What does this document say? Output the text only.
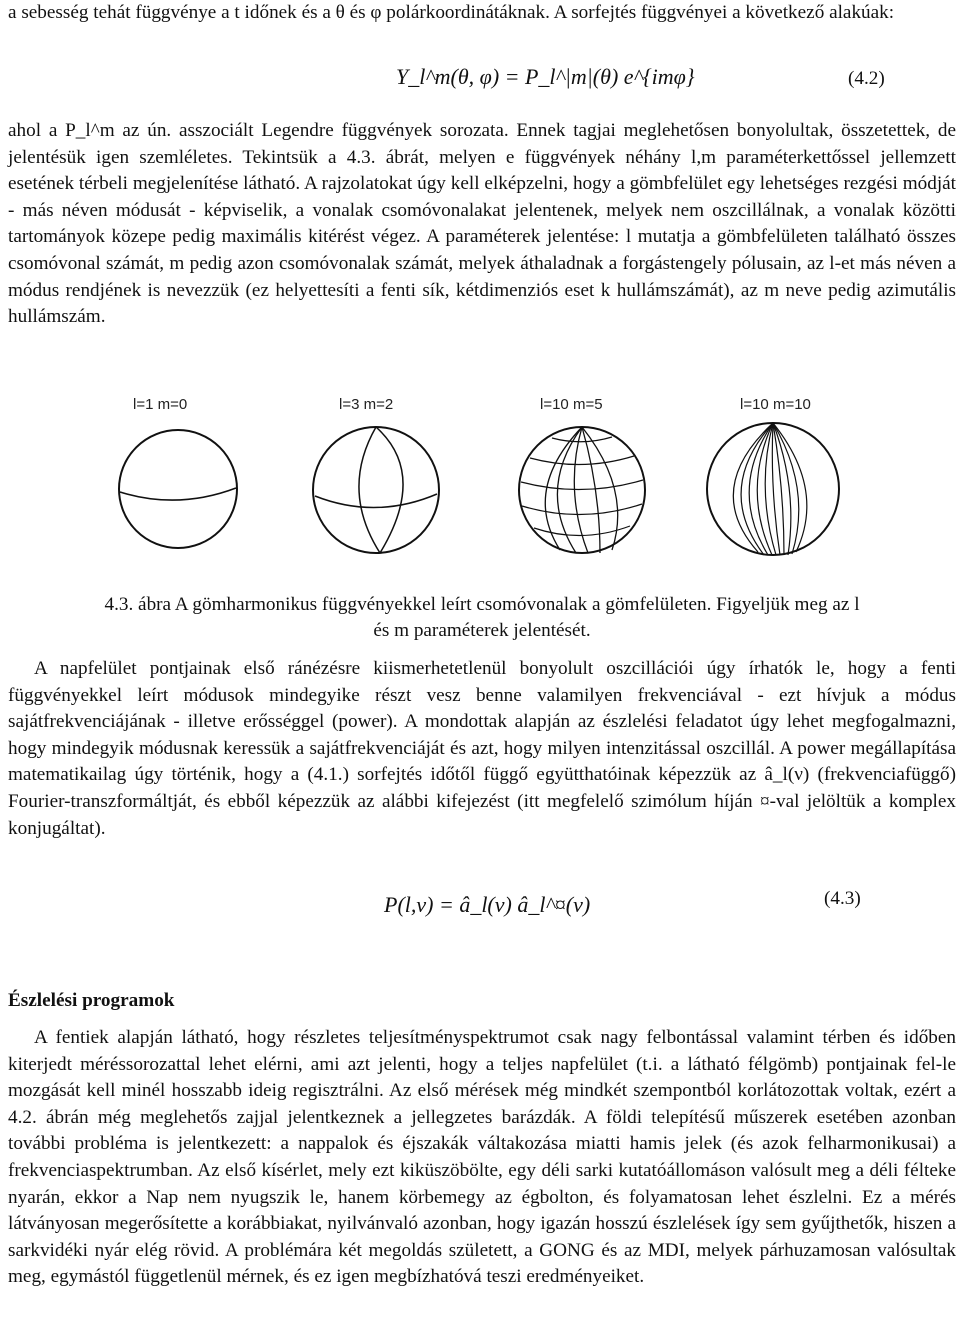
a sebesség tehát függvénye a t időnek és a θ és φ polárkoordinátáknak. A sorfejtés függvényei a következő alakúak:

Y_l^m(θ, φ) = P_l^|m|(θ) e^{imφ}	(4.2)

ahol a P_l^m az ún. asszociált Legendre függvények sorozata. Ennek tagjai meglehetősen bonyolultak, összetettek, de jelentésük igen szemléletes. Tekintsük a 4.3. ábrát, melyen e függvények néhány l,m paraméterkettőssel jellemzett esetének térbeli megjelenítése látható. A rajzolatokat úgy kell elképzelni, hogy a gömbfelület egy lehetséges rezgési módját - más néven módusát - képviselik, a vonalak csomóvonalakat jelentenek, melyek nem oszcillálnak, a vonalak közötti tartományok közepe pedig maximális kitérést végez. A paraméterek jelentése: l mutatja a gömbfelületen található összes csomóvonal számát, m pedig azon csomóvonalak számát, melyek áthaladnak a forgástengely pólusain, az l-et más néven a módus rendjének is nevezzük (ez helyettesíti a fenti sík, kétdimenziós eset k hullámszámát), az m neve pedig azimutális hullámszám.

l=1 m=0	l=3 m=2	l=10 m=5	l=10 m=10

4.3. ábra A gömharmonikus függvényekkel leírt csomóvonalak a gömfelületen. Figyeljük meg az l

és m paraméterek jelentését.

A napfelület pontjainak első ránézésre kiismerhetetlenül bonyolult oszcillációi úgy írhatók le, hogy a fenti függvényekkel leírt módusok mindegyike részt vesz benne valamilyen frekvenciával - ezt hívjuk a módus sajátfrekvenciájának - illetve erősséggel (power). A mondottak alapján az észlelési feladatot úgy lehet megfogalmazni, hogy mindegyik módusnak keressük a sajátfrekvenciáját és azt, hogy milyen intenzitással oszcillál. A power megállapítása matematikailag úgy történik, hogy a (4.1.) sorfejtés időtől függő együtthatóinak képezzük az â_l(ν) (frekvenciafüggő) Fourier-transzformáltját, és ebből képezzük az alábbi kifejezést (itt megfelelő szimólum híján ¤-val jelöltük a komplex konjugáltat).

P(l,ν) = â_l(ν) â_l^¤(ν)	(4.3)

Észlelési programok

A fentiek alapján látható, hogy részletes teljesítményspektrumot csak nagy felbontással valamint térben és időben kiterjedt méréssorozattal lehet elérni, ami azt jelenti, hogy a teljes napfelület (t.i. a látható félgömb) pontjainak fel-le mozgását kell minél hosszabb ideig regisztrálni. Az első mérések még mindkét szempontból korlátozottak voltak, ezért a 4.2. ábrán még meglehetős zajjal jelentkeznek a jellegzetes barázdák. A földi telepítésű műszerek esetében azonban további probléma is jelentkezett: a nappalok és éjszakák váltakozása miatti hamis jelek (és azok felharmonikusai) a frekvenciaspektrumban. Az első kísérlet, mely ezt kiküszöbölte, egy déli sarki kutatóállomáson valósult meg a déli félteke nyarán, ekkor a Nap nem nyugszik le, hanem körbemegy az égbolton, és folyamatosan lehet észlelni. Ez a mérés látványosan megerősítette a korábbiakat, nyilvánvaló azonban, hogy igazán hosszú észlelések így sem gyűjthetők, hiszen a sarkvidéki nyár elég rövid. A problémára két megoldás született, a GONG és az MDI, melyek párhuzamosan valósultak meg, egymástól függetlenül mérnek, és ez igen megbízhatóvá teszi eredményeiket.
